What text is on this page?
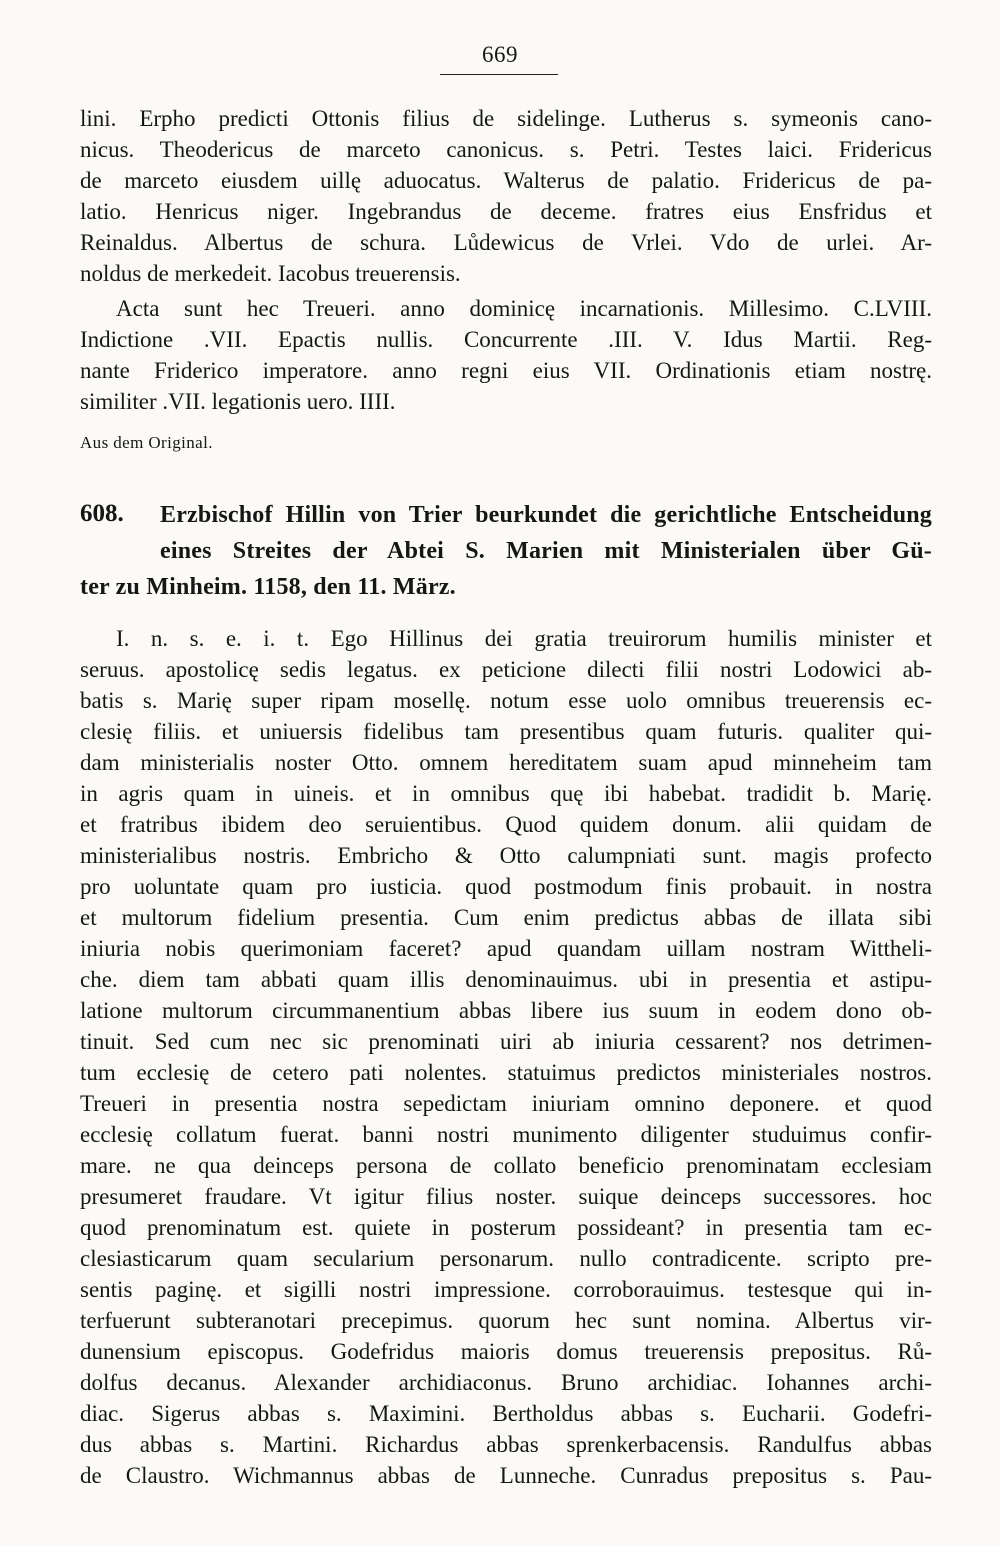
669
lini. Erpho predicti Ottonis filius de sidelinge. Lutherus s. symeonis cano-
nicus. Theodericus de marceto canonicus. s. Petri. Testes laici. Fridericus
de marceto eiusdem uillę aduocatus. Walterus de palatio. Fridericus de pa-
latio. Henricus niger. Ingebrandus de deceme. fratres eius Ensfridus et
Reinaldus. Albertus de schura. Lůdewicus de Vrlei. Vdo de urlei. Ar-
noldus de merkedeit. Iacobus treuerensis.
Acta sunt hec Treueri. anno dominicę incarnationis. Millesimo. C.LVIII.
Indictione .VII. Epactis nullis. Concurrente .III. V. Idus Martii. Reg-
nante Friderico imperatore. anno regni eius VII. Ordinationis etiam nostrę.
similiter .VII. legationis uero. IIII.
Aus dem Original.
608. Erzbischof Hillin von Trier beurkundet die gerichtliche Entscheidung
eines Streites der Abtei S. Marien mit Ministerialen über Gü-
ter zu Minheim. 1158, den 11. März.
I. n. s. e. i. t. Ego Hillinus dei gratia treuirorum humilis minister et
seruus. apostolicę sedis legatus. ex peticione dilecti filii nostri Lodowici ab-
batis s. Marię super ripam mosellę. notum esse uolo omnibus treuerensis ec-
clesię filiis. et uniuersis fidelibus tam presentibus quam futuris. qualiter qui-
dam ministerialis noster Otto. omnem hereditatem suam apud minneheim tam
in agris quam in uineis. et in omnibus quę ibi habebat. tradidit b. Marię.
et fratribus ibidem deo seruientibus. Quod quidem donum. alii quidam de
ministerialibus nostris. Embricho & Otto calumpniati sunt. magis profecto
pro uoluntate quam pro iusticia. quod postmodum finis probauit. in nostra
et multorum fidelium presentia. Cum enim predictus abbas de illata sibi
iniuria nobis querimoniam faceret? apud quandam uillam nostram Wittheli-
che. diem tam abbati quam illis denominauimus. ubi in presentia et astipu-
latione multorum circummanentium abbas libere ius suum in eodem dono ob-
tinuit. Sed cum nec sic prenominati uiri ab iniuria cessarent? nos detrimen-
tum ecclesię de cetero pati nolentes. statuimus predictos ministeriales nostros.
Treueri in presentia nostra sepedictam iniuriam omnino deponere. et quod
ecclesię collatum fuerat. banni nostri munimento diligenter studuimus confir-
mare. ne qua deinceps persona de collato beneficio prenominatam ecclesiam
presumeret fraudare. Vt igitur filius noster. suique deinceps successores. hoc
quod prenominatum est. quiete in posterum possideant? in presentia tam ec-
clesiasticarum quam secularium personarum. nullo contradicente. scripto pre-
sentis paginę. et sigilli nostri impressione. corroborauimus. testesque qui in-
terfuerunt subteranotari precepimus. quorum hec sunt nomina. Albertus vir-
dunensium episcopus. Godefridus maioris domus treuerensis prepositus. Rů-
dolfus decanus. Alexander archidiaconus. Bruno archidiac. Iohannes archi-
diac. Sigerus abbas s. Maximini. Bertholdus abbas s. Eucharii. Godefri-
dus abbas s. Martini. Richardus abbas sprenkerbacensis. Randulfus abbas
de Claustro. Wichmannus abbas de Lunneche. Cunradus prepositus s. Pau-
